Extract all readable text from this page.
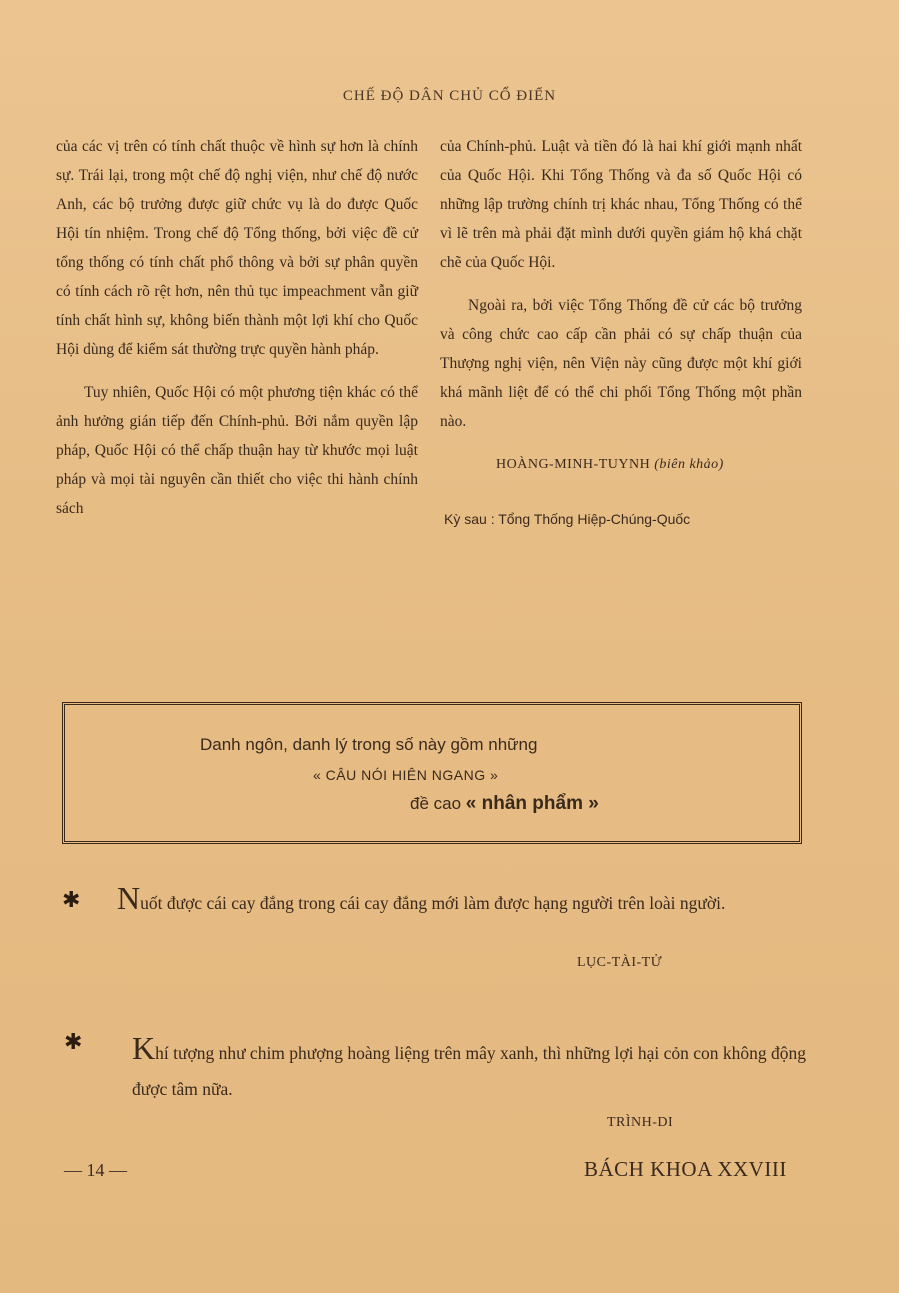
CHẾ ĐỘ DÂN CHỦ CỔ ĐIỂN

của các vị trên có tính chất thuộc về hình sự hơn là chính sự. Trái lại, trong một chế độ nghị viện, như chế độ nước Anh, các bộ trưởng được giữ chức vụ là do được Quốc Hội tín nhiệm. Trong chế độ Tổng thống, bởi việc đề cử tổng thống có tính chất phổ thông và bởi sự phân quyền có tính cách rõ rệt hơn, nên thủ tục impeachment vẫn giữ tính chất hình sự, không biến thành một lợi khí cho Quốc Hội dùng để kiểm sát thường trực quyền hành pháp.

Tuy nhiên, Quốc Hội có một phương tiện khác có thể ảnh hưởng gián tiếp đến Chính-phủ. Bởi nắm quyền lập pháp, Quốc Hội có thể chấp thuận hay từ khước mọi luật pháp và mọi tài nguyên cần thiết cho việc thi hành chính sách

của Chính-phủ. Luật và tiền đó là hai khí giới mạnh nhất của Quốc Hội. Khi Tổng Thống và đa số Quốc Hội có những lập trường chính trị khác nhau, Tổng Thống có thể vì lẽ trên mà phải đặt mình dưới quyền giám hộ khá chặt chẽ của Quốc Hội.

Ngoài ra, bởi việc Tổng Thống đề cử các bộ trưởng và công chức cao cấp cần phải có sự chấp thuận của Thượng nghị viện, nên Viện này cũng được một khí giới khá mãnh liệt để có thể chi phối Tổng Thống một phần nào.

HOÀNG-MINH-TUYNH (biên khảo)
Kỳ sau : Tổng Thống Hiệp-Chúng-Quốc
Danh ngôn, danh lý trong số này gồm những
« CÂU NÓI HIÊN NGANG »
đề cao « nhân phẩm »
✱ Nuốt được cái cay đắng trong cái cay đắng mới làm được hạng người trên loài người.
LỤC-TÀI-TỬ
✱ Khí tượng như chim phượng hoàng liệng trên mây xanh, thì những lợi hại cỏn con không động được tâm nữa.
TRÌNH-DI
— 14 —	BÁCH KHOA XXVIII
